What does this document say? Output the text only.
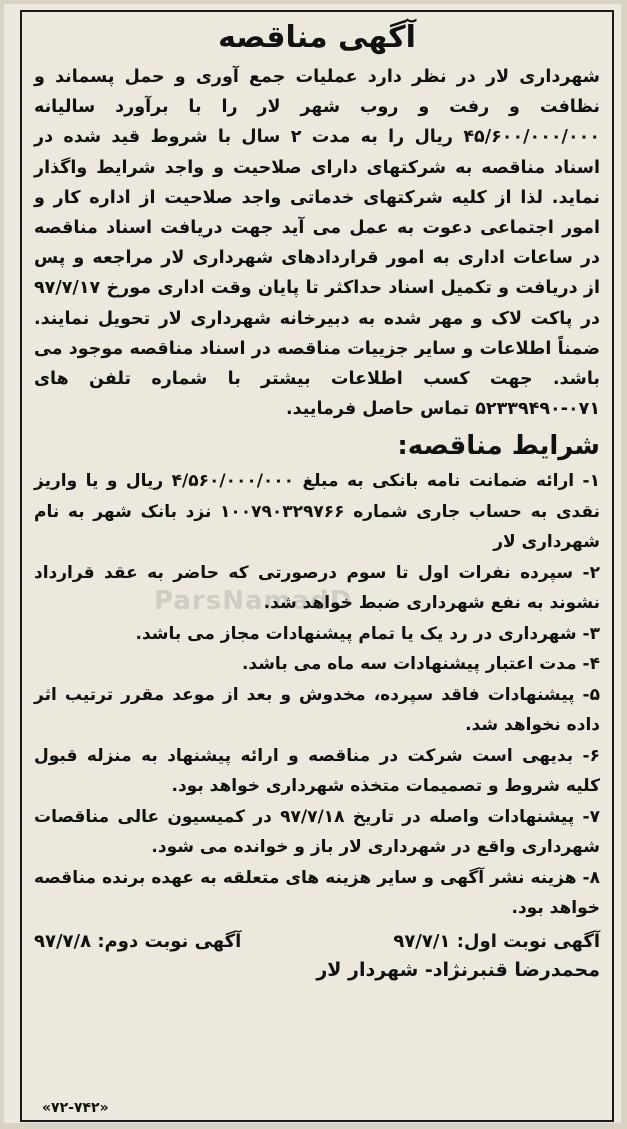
ParsNamadD
آگهی مناقصه

شهرداری لار در نظر دارد عملیات جمع آوری و حمل پسماند و نظافت و رفت و روب شهر لار را با برآورد سالیانه ۴۵/۶۰۰/۰۰۰/۰۰۰ ریال را به مدت ۲ سال با شروط قید شده در اسناد مناقصه به شرکتهای دارای صلاحیت و واجد شرایط واگذار نماید. لذا از کلیه شرکتهای خدماتی واجد صلاحیت از اداره کار و امور اجتماعی دعوت به عمل می آید جهت دریافت اسناد مناقصه در ساعات اداری به امور قراردادهای شهرداری لار مراجعه و پس از دریافت و تکمیل اسناد حداکثر تا پایان وقت اداری مورخ ۹۷/۷/۱۷ در پاکت لاک و مهر شده به دبیرخانه شهرداری لار تحویل نمایند. ضمناً اطلاعات و سایر جزییات مناقصه در اسناد مناقصه موجود می باشد. جهت کسب اطلاعات بیشتر با شماره تلفن های ۰۷۱-۵۲۳۳۹۴۹۰ تماس حاصل فرمایید.

شرایط مناقصه:
۱- ارائه ضمانت نامه بانکی به مبلغ ۴/۵۶۰/۰۰۰/۰۰۰ ریال و یا واریز نقدی به حساب جاری شماره ۱۰۰۷۹۰۳۲۹۷۶۶ نزد بانک شهر به نام شهرداری لار
۲- سپرده نفرات اول تا سوم درصورتی که حاضر به عقد قرارداد نشوند به نفع شهرداری ضبط خواهد شد.
۳- شهرداری در رد یک یا تمام پیشنهادات مجاز می باشد.
۴- مدت اعتبار پیشنهادات سه ماه می باشد.
۵- پیشنهادات فاقد سپرده، مخدوش و بعد از موعد مقرر ترتیب اثر داده نخواهد شد.
۶- بدیهی است شرکت در مناقصه و ارائه پیشنهاد به منزله قبول کلیه شروط و تصمیمات متخذه شهرداری خواهد بود.
۷- پیشنهادات واصله در تاریخ ۹۷/۷/۱۸ در کمیسیون عالی مناقصات شهرداری واقع در شهرداری لار باز و خوانده می شود.
۸- هزینه نشر آگهی و سایر هزینه های متعلقه به عهده برنده مناقصه خواهد بود.
آگهی نوبت اول: ۹۷/۷/۱
آگهی نوبت دوم: ۹۷/۷/۸
محمدرضا قنبرنژاد- شهردار لار
«۷۲-۷۴۲»
